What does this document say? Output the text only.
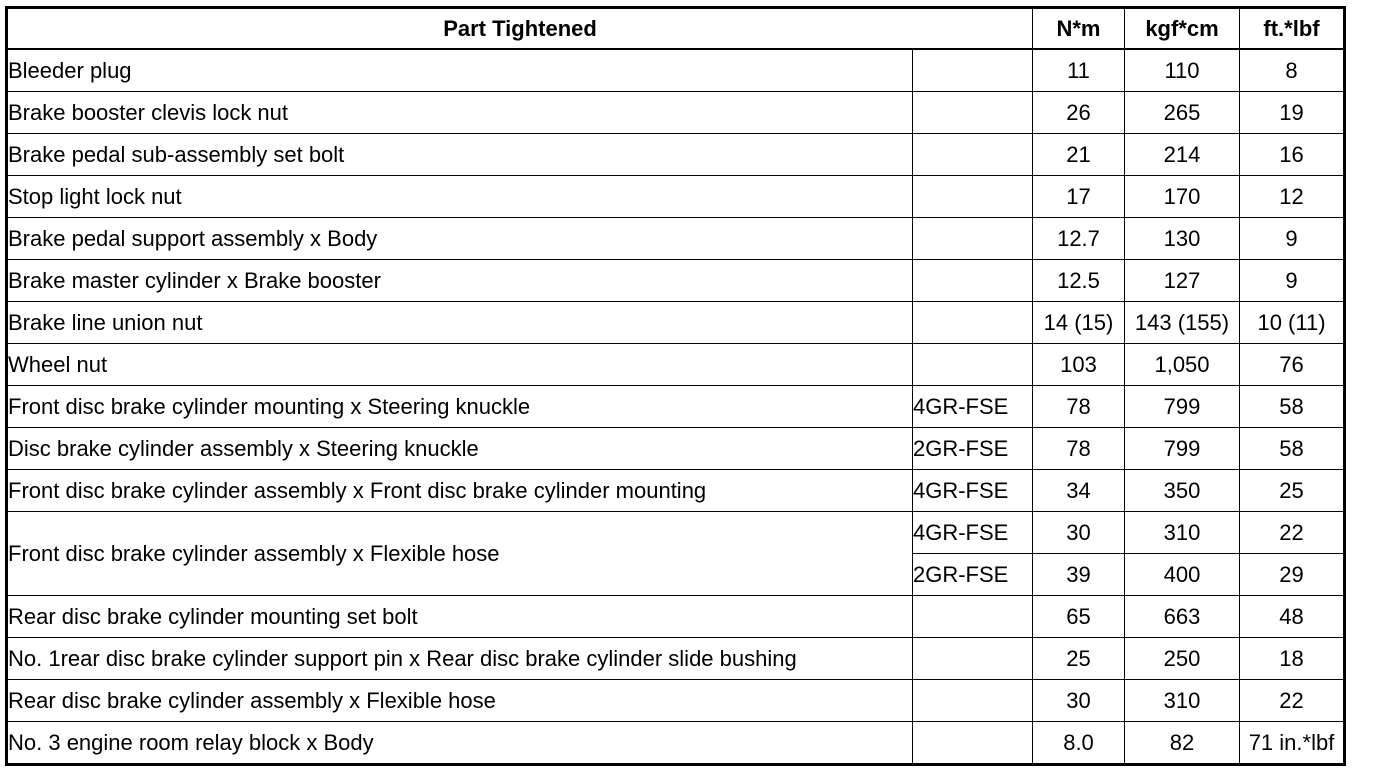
Part Tightened		N*m	kgf*cm	ft.*lbf
Bleeder plug		11	110	8
Brake booster clevis lock nut		26	265	19
Brake pedal sub-assembly set bolt		21	214	16
Stop light lock nut		17	170	12
Brake pedal support assembly x Body		12.7	130	9
Brake master cylinder x Brake booster		12.5	127	9
Brake line union nut		14 (15)	143 (155)	10 (11)
Wheel nut		103	1,050	76
Front disc brake cylinder mounting x Steering knuckle	4GR-FSE	78	799	58
Disc brake cylinder assembly x Steering knuckle	2GR-FSE	78	799	58
Front disc brake cylinder assembly x Front disc brake cylinder mounting	4GR-FSE	34	350	25
Front disc brake cylinder assembly x Flexible hose	4GR-FSE	30	310	22
	2GR-FSE	39	400	29
Rear disc brake cylinder mounting set bolt		65	663	48
No. 1rear disc brake cylinder support pin x Rear disc brake cylinder slide bushing		25	250	18
Rear disc brake cylinder assembly x Flexible hose		30	310	22
No. 3 engine room relay block x Body		8.0	82	71 in.*lbf
